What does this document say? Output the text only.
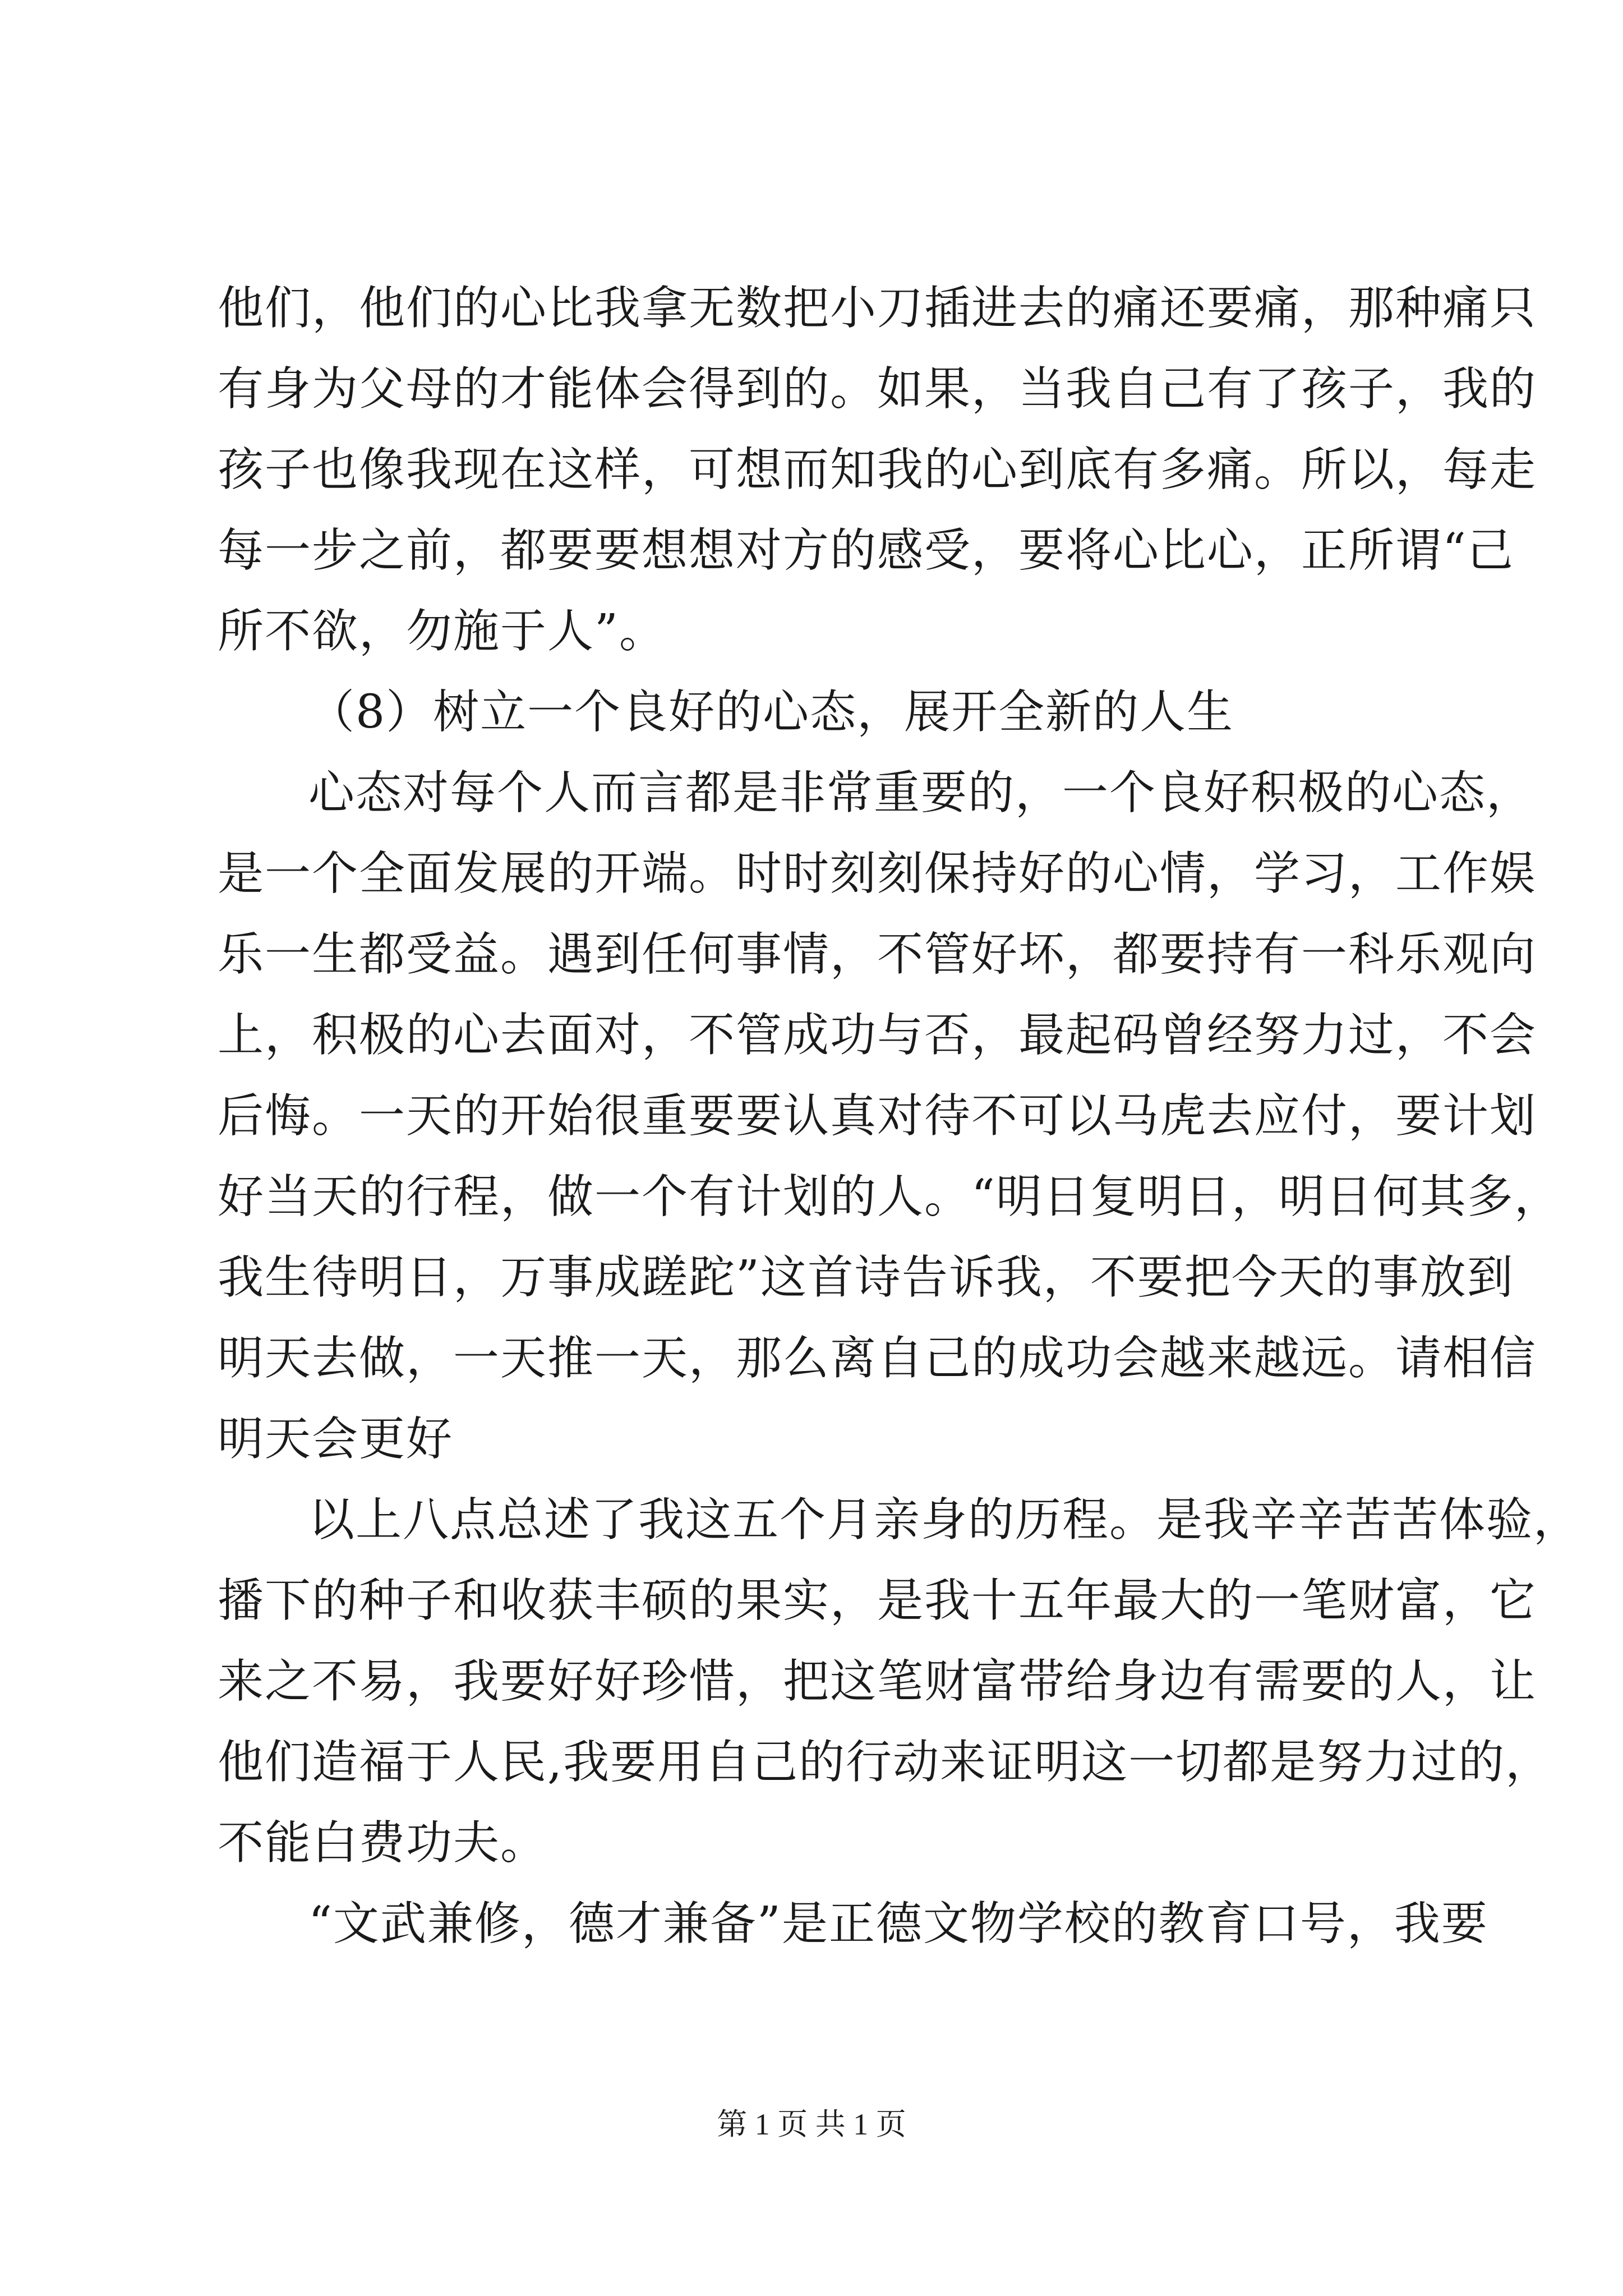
他们，他们的心比我拿无数把小刀插进去的痛还要痛，那种痛只
有身为父母的才能体会得到的。如果，当我自己有了孩子，我的
孩子也像我现在这样，可想而知我的心到底有多痛。所以，每走
每一步之前，都要要想想对方的感受，要将心比心，正所谓“己
所不欲，勿施于人”。
（8）树立一个良好的心态，展开全新的人生
心态对每个人而言都是非常重要的，一个良好积极的心态，
是一个全面发展的开端。时时刻刻保持好的心情，学习，工作娱
乐一生都受益。遇到任何事情，不管好坏，都要持有一科乐观向
上，积极的心去面对，不管成功与否，最起码曾经努力过，不会
后悔。一天的开始很重要要认真对待不可以马虎去应付，要计划
好当天的行程，做一个有计划的人。“明日复明日，明日何其多，
我生待明日，万事成蹉跎”这首诗告诉我，不要把今天的事放到
明天去做，一天推一天，那么离自己的成功会越来越远。请相信
明天会更好
以上八点总述了我这五个月亲身的历程。是我辛辛苦苦体验，
播下的种子和收获丰硕的果实，是我十五年最大的一笔财富，它
来之不易，我要好好珍惜，把这笔财富带给身边有需要的人，让
他们造福于人民,我要用自己的行动来证明这一切都是努力过的，
不能白费功夫。
“文武兼修，德才兼备”是正德文物学校的教育口号，我要
第 1 页 共 1 页
